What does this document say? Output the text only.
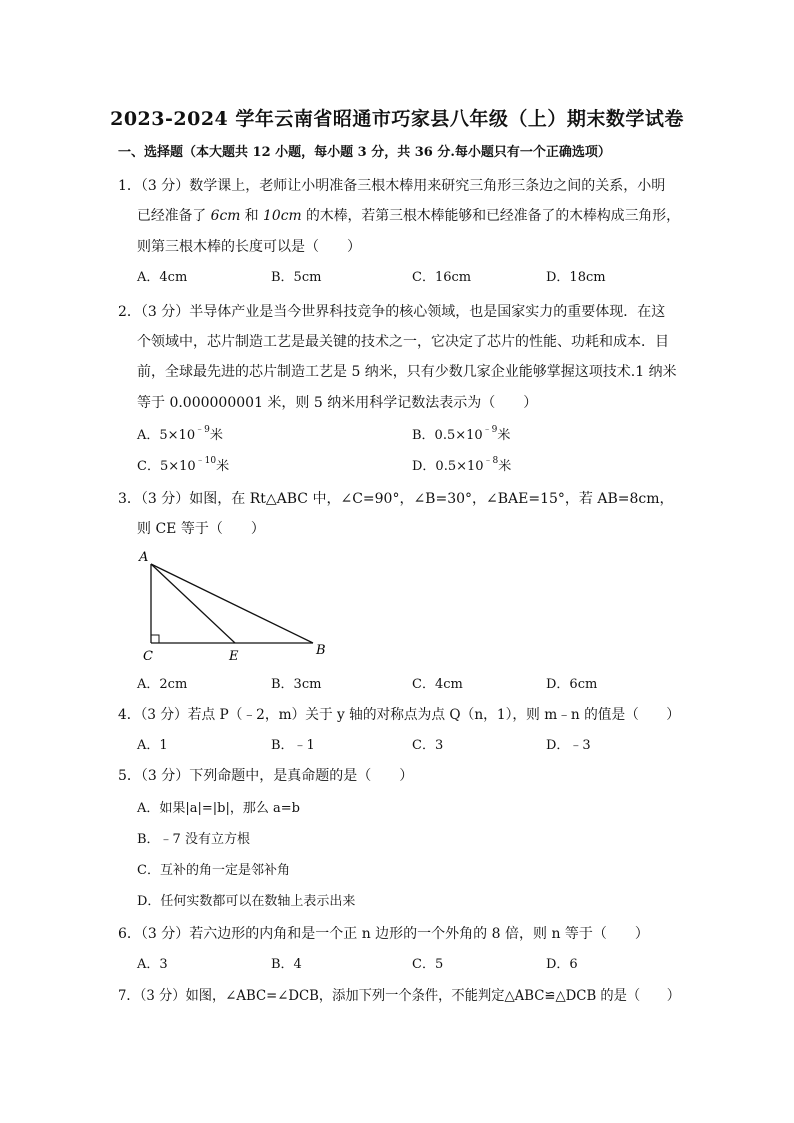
2023-2024 学年云南省昭通市巧家县八年级（上）期末数学试卷
一、选择题（本大题共 12 小题，每小题 3 分，共 36 分.每小题只有一个正确选项）
1．（3 分）数学课上，老师让小明准备三根木棒用来研究三角形三条边之间的关系，小明
已经准备了 6cm 和 10cm 的木棒，若第三根木棒能够和已经准备了的木棒构成三角形，
则第三根木棒的长度可以是（　　）
A．4cm	B．5cm	C．16cm	D．18cm
2．（3 分）半导体产业是当今世界科技竞争的核心领域，也是国家实力的重要体现．在这
个领域中，芯片制造工艺是最关键的技术之一，它决定了芯片的性能、功耗和成本．目
前，全球最先进的芯片制造工艺是 5 纳米，只有少数几家企业能够掌握这项技术.1 纳米
等于 0.000000001 米，则 5 纳米用科学记数法表示为（　　）
A．$5\times 10^{﹣9}$米	B．$0.5\times 10^{﹣9}$米
C．$5\times 10^{﹣10}$米	D．$0.5\times 10^{﹣8}$米
3．（3 分）如图，在 Rt△ABC 中，∠C=90°，∠B=30°，∠BAE=15°，若 AB=8cm，
则 CE 等于（　　）
A
C	E	B
A．2cm	B．3cm	C．4cm	D．6cm
4．（3 分）若点 P（﹣2，m）关于 y 轴的对称点为点 Q（n，1），则 m﹣n 的值是（　　）
A．1	B．﹣1	C．3	D．﹣3
5．（3 分）下列命题中，是真命题的是（　　）
A．如果|a|=|b|，那么 a=b
B．﹣7 没有立方根
C．互补的角一定是邻补角
D．任何实数都可以在数轴上表示出来
6．（3 分）若六边形的内角和是一个正 n 边形的一个外角的 8 倍，则 n 等于（　　）
A．3	B．4	C．5	D．6
7．（3 分）如图，∠ABC=∠DCB，添加下列一个条件，不能判定△ABC≌△DCB 的是（　　）
